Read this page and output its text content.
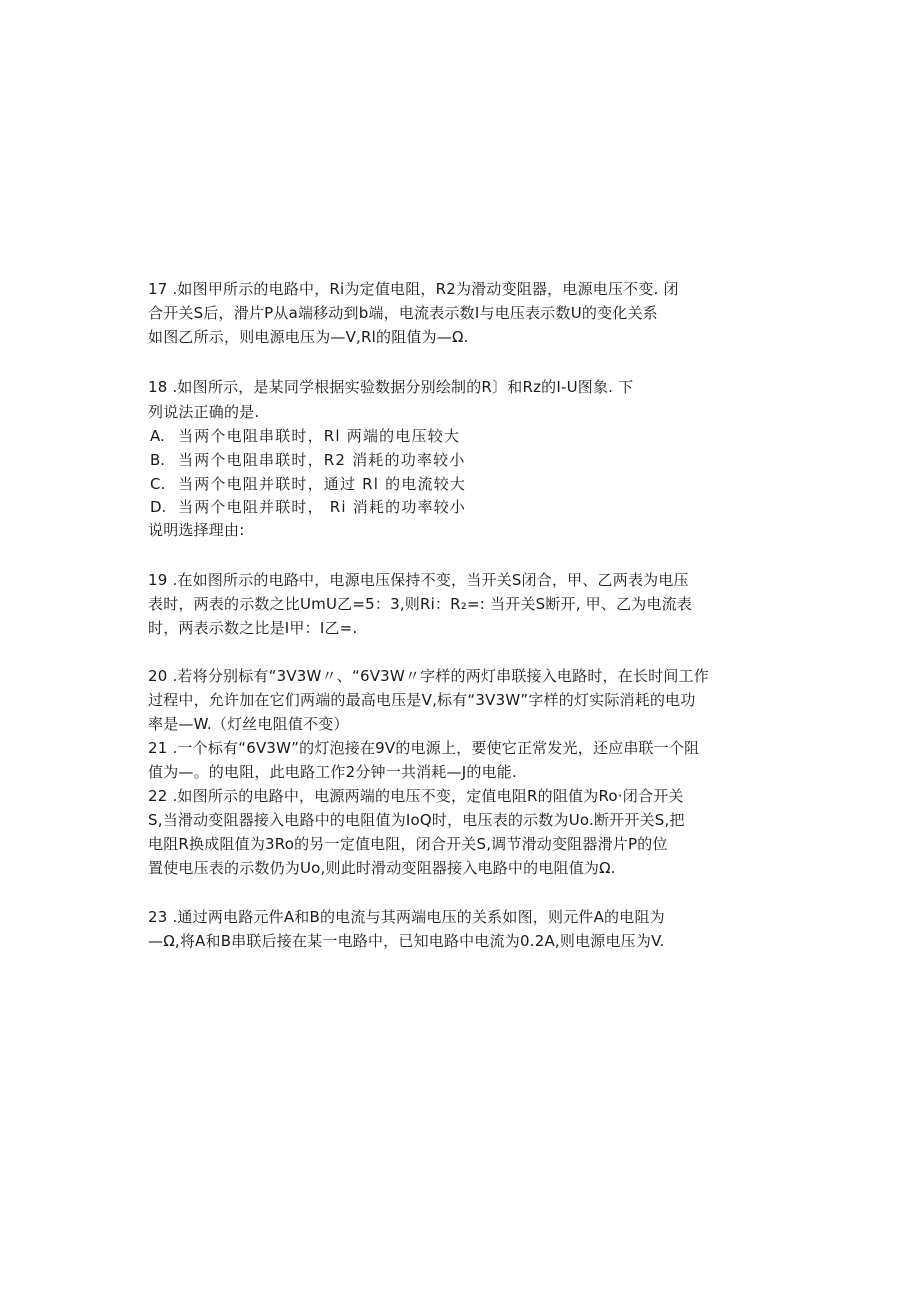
17 .如图甲所示的电路中，Ri为定值电阻，R2为滑动变阻器，电源电压不变. 闭
合开关S后，滑片P从a端移动到b端，电流表示数I与电压表示数U的变化关系
如图乙所示，则电源电压为—V,Rl的阻值为—Ω.
18 .如图所示，是某同学根据实验数据分别绘制的R〕和Rz的I-U图象. 下
列说法正确的是.
A. 当两个电阻串联时，Rl 两端的电压较大
B. 当两个电阻串联时，R2 消耗的功率较小
C. 当两个电阻并联时，通过 Rl 的电流较大
D. 当两个电阻并联时， Ri 消耗的功率较小
说明选择理由:
19 .在如图所示的电路中，电源电压保持不变，当开关S闭合，甲、乙两表为电压
表时，两表的示数之比UmU乙=5：3,则Ri：R₂=: 当开关S断开, 甲、乙为电流表
时，两表示数之比是I甲：I乙=.
20 .若将分别标有“3V3W〃、“6V3W〃字样的两灯串联接入电路时，在长时间工作
过程中，允许加在它们两端的最高电压是V,标有“3V3W”字样的灯实际消耗的电功
率是—W.（灯丝电阻值不变）
21 .一个标有“6V3W”的灯泡接在9V的电源上，要使它正常发光，还应串联一个阻
值为—。的电阻，此电路工作2分钟一共消耗—J的电能.
22 .如图所示的电路中，电源两端的电压不变，定值电阻R的阻值为Ro·闭合开关
S,当滑动变阻器接入电路中的电阻值为IoQ时，电压表的示数为Uo.断开开关S,把
电阻R换成阻值为3Ro的另一定值电阻，闭合开关S,调节滑动变阻器滑片P的位
置使电压表的示数仍为Uo,则此时滑动变阻器接入电路中的电阻值为Ω.
23 .通过两电路元件A和B的电流与其两端电压的关系如图，则元件A的电阻为
—Ω,将A和B串联后接在某一电路中，已知电路中电流为0.2A,则电源电压为V.
